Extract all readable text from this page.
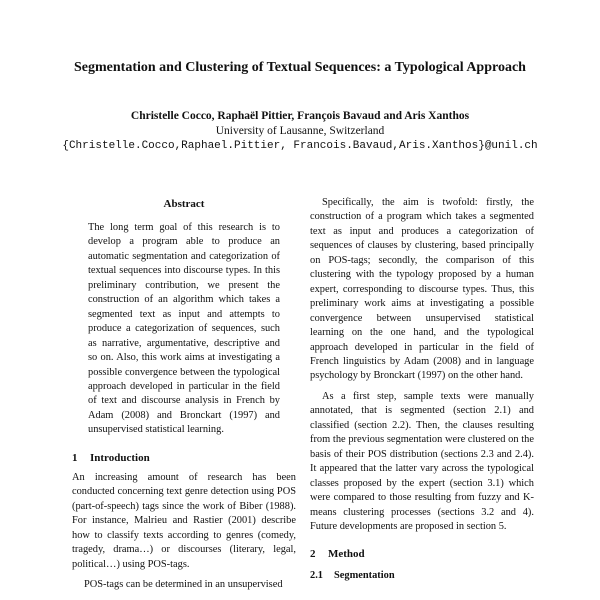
Segmentation and Clustering of Textual Sequences: a Typological Approach
Christelle Cocco, Raphaël Pittier, François Bavaud and Aris Xanthos
University of Lausanne, Switzerland
{Christelle.Cocco,Raphael.Pittier, Francois.Bavaud,Aris.Xanthos}@unil.ch
Abstract

The long term goal of this research is to develop a program able to produce an automatic segmentation and categorization of textual sequences into discourse types. In this preliminary contribution, we present the construction of an algorithm which takes a segmented text as input and attempts to produce a categorization of sequences, such as narrative, argumentative, descriptive and so on. Also, this work aims at investigating a possible convergence between the typological approach developed in particular in the field of text and discourse analysis in French by Adam (2008) and Bronckart (1997) and unsupervised statistical learning.

1 Introduction

An increasing amount of research has been conducted concerning text genre detection using POS (part-of-speech) tags since the work of Biber (1988). For instance, Malrieu and Rastier (2001) describe how to classify texts according to genres (comedy, tragedy, drama…) or discourses (literary, legal, political…) using POS-tags.

POS-tags can be determined in an unsupervised

Specifically, the aim is twofold: firstly, the construction of a program which takes a segmented text as input and produces a categorization of sequences of clauses by clustering, based principally on POS-tags; secondly, the comparison of this clustering with the typology proposed by a human expert, corresponding to discourse types. Thus, this preliminary work aims at investigating a possible convergence between unsupervised statistical learning on the one hand, and the typological approach developed in particular in the field of French linguistics by Adam (2008) and in language psychology by Bronckart (1997) on the other hand.

As a first step, sample texts were manually annotated, that is segmented (section 2.1) and classified (section 2.2). Then, the clauses resulting from the previous segmentation were clustered on the basis of their POS distribution (sections 2.3 and 2.4). It appeared that the latter vary across the typological classes proposed by the expert (section 3.1) which were compared to those resulting from fuzzy and K-means clustering processes (sections 3.2 and 4). Future developments are proposed in section 5.

2 Method
2.1 Segmentation
